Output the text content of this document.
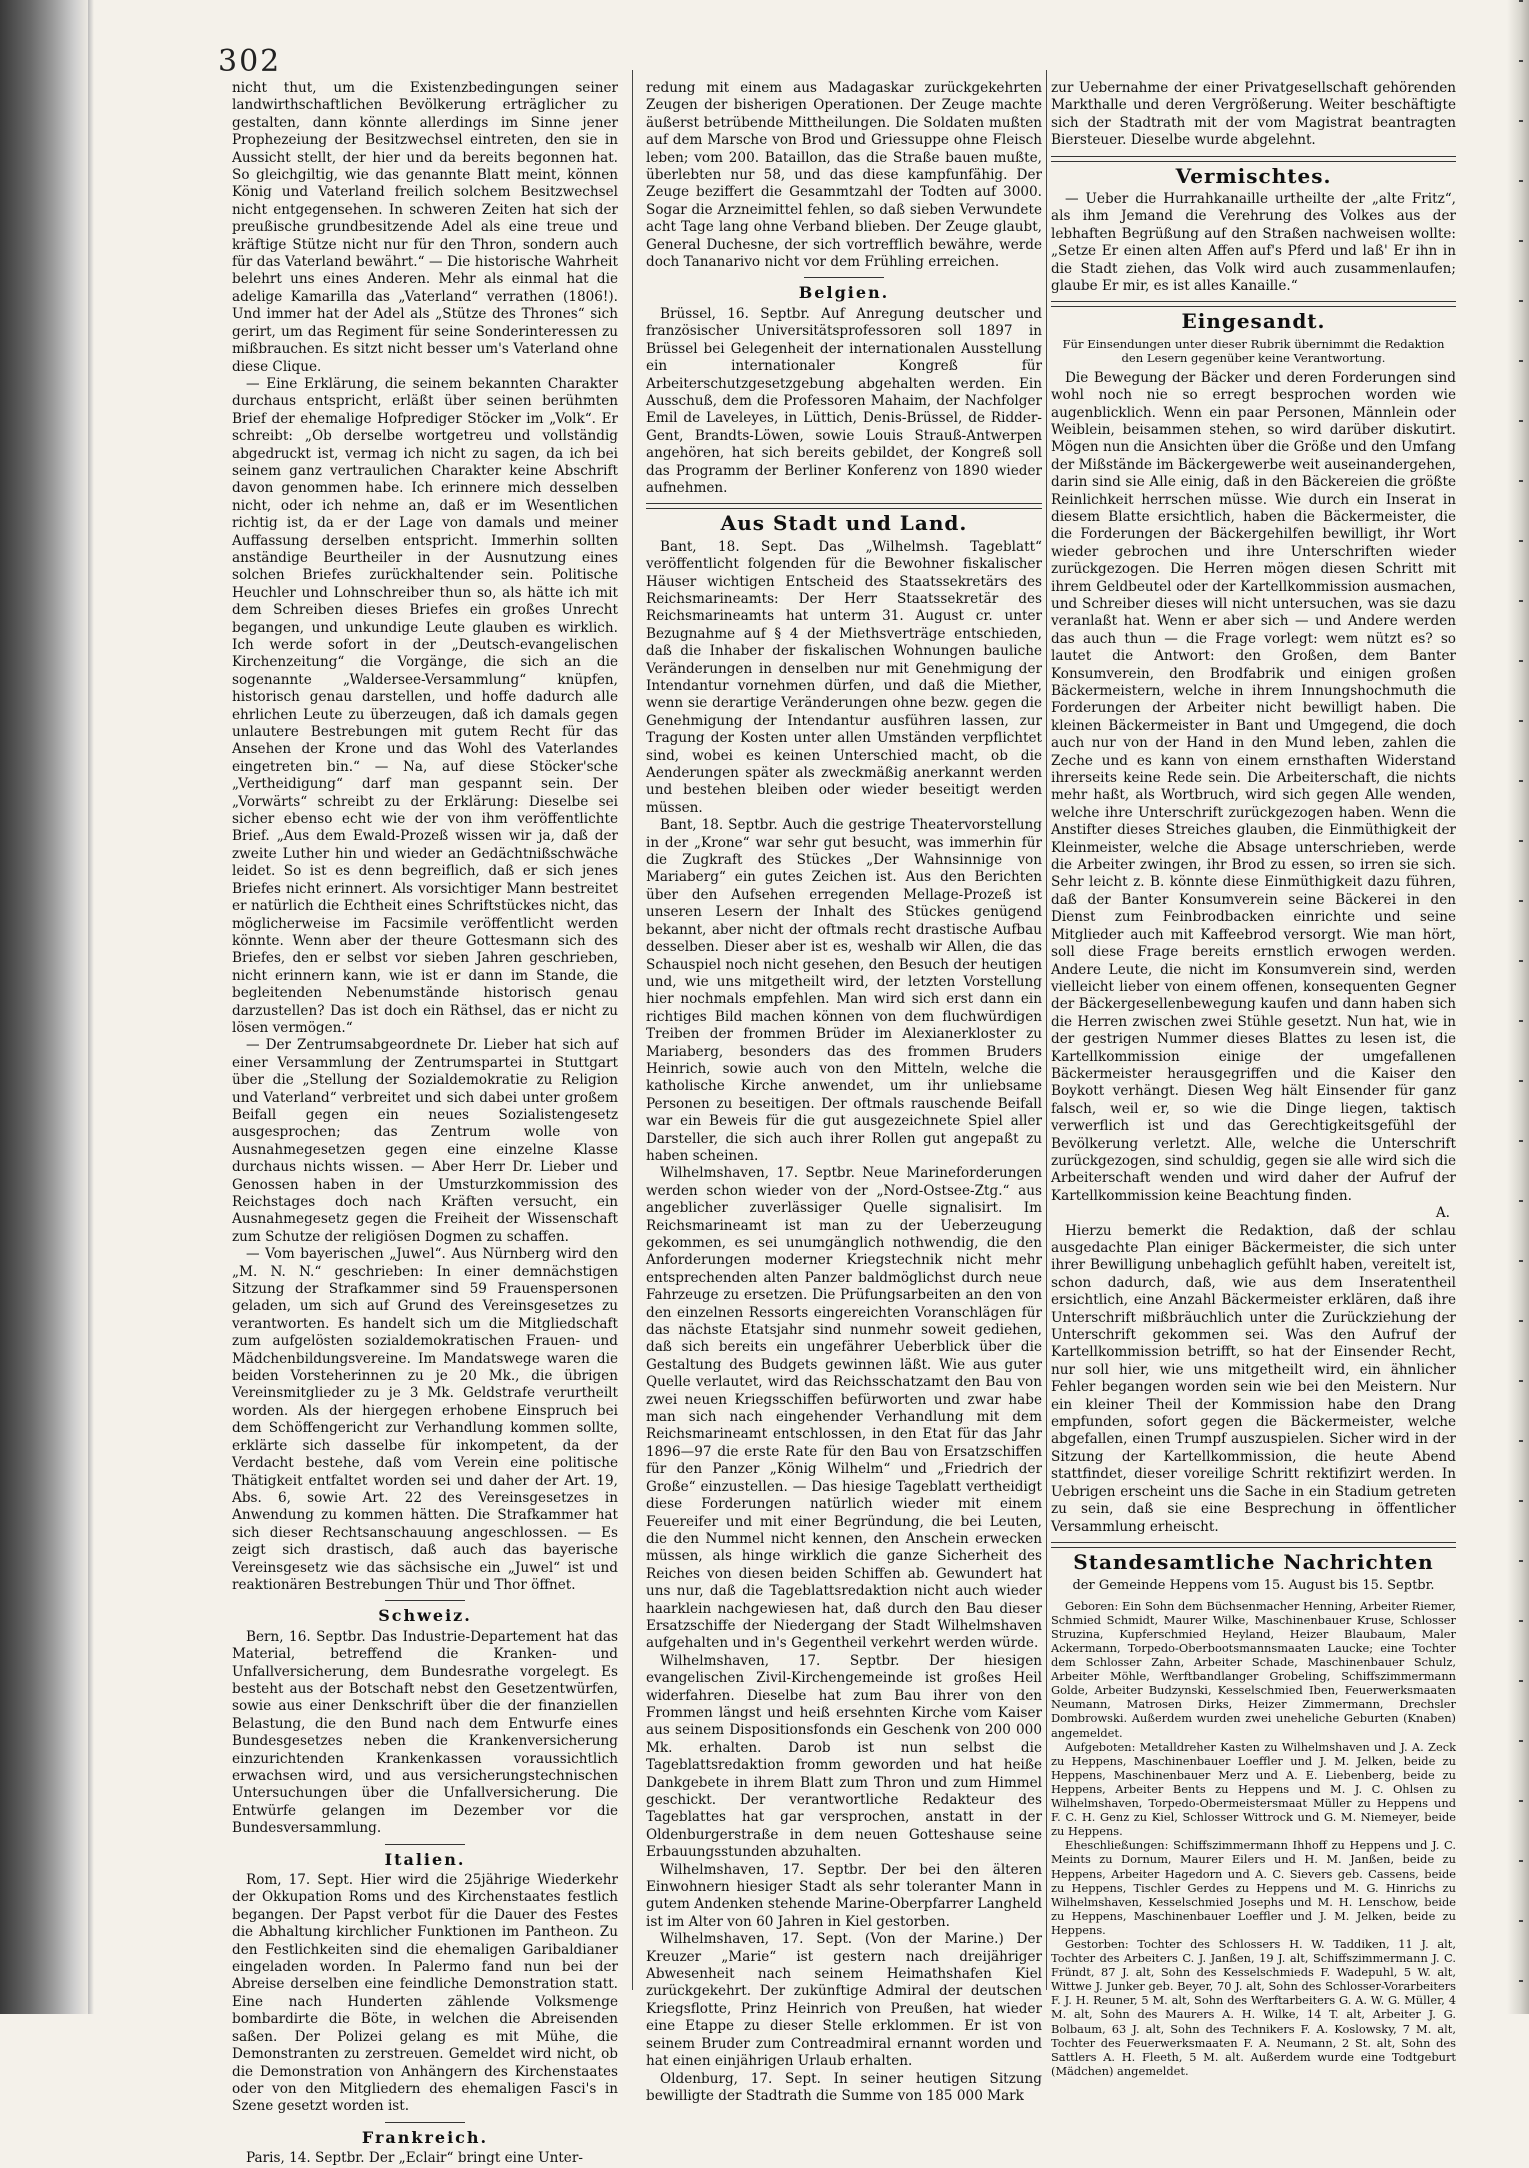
302

nicht thut, um die Existenzbedingungen seiner landwirthschaftlichen Bevölkerung erträglicher zu gestalten, dann könnte allerdings im Sinne jener Prophezeiung der Besitzwechsel eintreten, den sie in Aussicht stellt, der hier und da bereits begonnen hat. So gleichgiltig, wie das genannte Blatt meint, können König und Vaterland freilich solchem Besitzwechsel nicht entgegensehen. In schweren Zeiten hat sich der preußische grundbesitzende Adel als eine treue und kräftige Stütze nicht nur für den Thron, sondern auch für das Vaterland bewährt.“ — Die historische Wahrheit belehrt uns eines Anderen. Mehr als einmal hat die adelige Kamarilla das „Vaterland“ verrathen (1806!). Und immer hat der Adel als „Stütze des Thrones“ sich gerirt, um das Regiment für seine Sonderinteressen zu mißbrauchen. Es sitzt nicht besser um's Vaterland ohne diese Clique.

— Eine Erklärung, die seinem bekannten Charakter durchaus entspricht, erläßt über seinen berühmten Brief der ehemalige Hofprediger Stöcker im „Volk“. Er schreibt: „Ob derselbe wortgetreu und vollständig abgedruckt ist, vermag ich nicht zu sagen, da ich bei seinem ganz vertraulichen Charakter keine Abschrift davon genommen habe. Ich erinnere mich desselben nicht, oder ich nehme an, daß er im Wesentlichen richtig ist, da er der Lage von damals und meiner Auffassung derselben entspricht. Immerhin sollten anständige Beurtheiler in der Ausnutzung eines solchen Briefes zurückhaltender sein. Politische Heuchler und Lohnschreiber thun so, als hätte ich mit dem Schreiben dieses Briefes ein großes Unrecht begangen, und unkundige Leute glauben es wirklich. Ich werde sofort in der „Deutsch-evangelischen Kirchenzeitung“ die Vorgänge, die sich an die sogenannte „Waldersee-Versammlung“ knüpfen, historisch genau darstellen, und hoffe dadurch alle ehrlichen Leute zu überzeugen, daß ich damals gegen unlautere Bestrebungen mit gutem Recht für das Ansehen der Krone und das Wohl des Vaterlandes eingetreten bin.“ — Na, auf diese Stöcker'sche „Vertheidigung“ darf man gespannt sein. Der „Vorwärts“ schreibt zu der Erklärung: Dieselbe sei sicher ebenso echt wie der von ihm veröffentlichte Brief. „Aus dem Ewald-Prozeß wissen wir ja, daß der zweite Luther hin und wieder an Gedächtnißschwäche leidet. So ist es denn begreiflich, daß er sich jenes Briefes nicht erinnert. Als vorsichtiger Mann bestreitet er natürlich die Echtheit eines Schriftstückes nicht, das möglicherweise im Facsimile veröffentlicht werden könnte. Wenn aber der theure Gottesmann sich des Briefes, den er selbst vor sieben Jahren geschrieben, nicht erinnern kann, wie ist er dann im Stande, die begleitenden Nebenumstände historisch genau darzustellen? Das ist doch ein Räthsel, das er nicht zu lösen vermögen.“

— Der Zentrumsabgeordnete Dr. Lieber hat sich auf einer Versammlung der Zentrumspartei in Stuttgart über die „Stellung der Sozialdemokratie zu Religion und Vaterland“ verbreitet und sich dabei unter großem Beifall gegen ein neues Sozialistengesetz ausgesprochen; das Zentrum wolle von Ausnahmegesetzen gegen eine einzelne Klasse durchaus nichts wissen. — Aber Herr Dr. Lieber und Genossen haben in der Umsturzkommission des Reichstages doch nach Kräften versucht, ein Ausnahmegesetz gegen die Freiheit der Wissenschaft zum Schutze der religiösen Dogmen zu schaffen.

— Vom bayerischen „Juwel“. Aus Nürnberg wird den „M. N. N.“ geschrieben: In einer demnächstigen Sitzung der Strafkammer sind 59 Frauenspersonen geladen, um sich auf Grund des Vereinsgesetzes zu verantworten. Es handelt sich um die Mitgliedschaft zum aufgelösten sozialdemokratischen Frauen- und Mädchenbildungsvereine. Im Mandatswege waren die beiden Vorsteherinnen zu je 20 Mk., die übrigen Vereinsmitglieder zu je 3 Mk. Geldstrafe verurtheilt worden. Als der hiergegen erhobene Einspruch bei dem Schöffengericht zur Verhandlung kommen sollte, erklärte sich dasselbe für inkompetent, da der Verdacht bestehe, daß vom Verein eine politische Thätigkeit entfaltet worden sei und daher der Art. 19, Abs. 6, sowie Art. 22 des Vereinsgesetzes in Anwendung zu kommen hätten. Die Strafkammer hat sich dieser Rechtsanschauung angeschlossen. — Es zeigt sich drastisch, daß auch das bayerische Vereinsgesetz wie das sächsische ein „Juwel“ ist und reaktionären Bestrebungen Thür und Thor öffnet.

Schweiz.

Bern, 16. Septbr. Das Industrie-Departement hat das Material, betreffend die Kranken- und Unfallversicherung, dem Bundesrathe vorgelegt. Es besteht aus der Botschaft nebst den Gesetzentwürfen, sowie aus einer Denkschrift über die der finanziellen Belastung, die den Bund nach dem Entwurfe eines Bundesgesetzes neben die Krankenversicherung einzurichtenden Krankenkassen voraussichtlich erwachsen wird, und aus versicherungstechnischen Untersuchungen über die Unfallversicherung. Die Entwürfe gelangen im Dezember vor die Bundesversammlung.

Italien.

Rom, 17. Sept. Hier wird die 25jährige Wiederkehr der Okkupation Roms und des Kirchenstaates festlich begangen. Der Papst verbot für die Dauer des Festes die Abhaltung kirchlicher Funktionen im Pantheon. Zu den Festlichkeiten sind die ehemaligen Garibaldianer eingeladen worden. In Palermo fand nun bei der Abreise derselben eine feindliche Demonstration statt. Eine nach Hunderten zählende Volksmenge bombardirte die Böte, in welchen die Abreisenden saßen. Der Polizei gelang es mit Mühe, die Demonstranten zu zerstreuen. Gemeldet wird nicht, ob die Demonstration von Anhängern des Kirchenstaates oder von den Mitgliedern des ehemaligen Fasci's in Szene gesetzt worden ist.

Frankreich.

Paris, 14. Septbr. Der „Eclair“ bringt eine Unter-

redung mit einem aus Madagaskar zurückgekehrten Zeugen der bisherigen Operationen. Der Zeuge machte äußerst betrübende Mittheilungen. Die Soldaten mußten auf dem Marsche von Brod und Griessuppe ohne Fleisch leben; vom 200. Bataillon, das die Straße bauen mußte, überlebten nur 58, und das diese kampfunfähig. Der Zeuge beziffert die Gesammtzahl der Todten auf 3000. Sogar die Arzneimittel fehlen, so daß sieben Verwundete acht Tage lang ohne Verband blieben. Der Zeuge glaubt, General Duchesne, der sich vortrefflich bewähre, werde doch Tananarivo nicht vor dem Frühling erreichen.

Belgien.

Brüssel, 16. Septbr. Auf Anregung deutscher und französischer Universitätsprofessoren soll 1897 in Brüssel bei Gelegenheit der internationalen Ausstellung ein internationaler Kongreß für Arbeiterschutzgesetzgebung abgehalten werden. Ein Ausschuß, dem die Professoren Mahaim, der Nachfolger Emil de Laveleyes, in Lüttich, Denis-Brüssel, de Ridder-Gent, Brandts-Löwen, sowie Louis Strauß-Antwerpen angehören, hat sich bereits gebildet, der Kongreß soll das Programm der Berliner Konferenz von 1890 wieder aufnehmen.

Aus Stadt und Land.

Bant, 18. Sept. Das „Wilhelmsh. Tageblatt“ veröffentlicht folgenden für die Bewohner fiskalischer Häuser wichtigen Entscheid des Staatssekretärs des Reichsmarineamts: Der Herr Staatssekretär des Reichsmarineamts hat unterm 31. August cr. unter Bezugnahme auf § 4 der Miethsverträge entschieden, daß die Inhaber der fiskalischen Wohnungen bauliche Veränderungen in denselben nur mit Genehmigung der Intendantur vornehmen dürfen, und daß die Miether, wenn sie derartige Veränderungen ohne bezw. gegen die Genehmigung der Intendantur ausführen lassen, zur Tragung der Kosten unter allen Umständen verpflichtet sind, wobei es keinen Unterschied macht, ob die Aenderungen später als zweckmäßig anerkannt werden und bestehen bleiben oder wieder beseitigt werden müssen.

Bant, 18. Septbr. Auch die gestrige Theatervorstellung in der „Krone“ war sehr gut besucht, was immerhin für die Zugkraft des Stückes „Der Wahnsinnige von Mariaberg“ ein gutes Zeichen ist. Aus den Berichten über den Aufsehen erregenden Mellage-Prozeß ist unseren Lesern der Inhalt des Stückes genügend bekannt, aber nicht der oftmals recht drastische Aufbau desselben. Dieser aber ist es, weshalb wir Allen, die das Schauspiel noch nicht gesehen, den Besuch der heutigen und, wie uns mitgetheilt wird, der letzten Vorstellung hier nochmals empfehlen. Man wird sich erst dann ein richtiges Bild machen können von dem fluchwürdigen Treiben der frommen Brüder im Alexianerkloster zu Mariaberg, besonders das des frommen Bruders Heinrich, sowie auch von den Mitteln, welche die katholische Kirche anwendet, um ihr unliebsame Personen zu beseitigen. Der oftmals rauschende Beifall war ein Beweis für die gut ausgezeichnete Spiel aller Darsteller, die sich auch ihrer Rollen gut angepaßt zu haben scheinen.

Wilhelmshaven, 17. Septbr. Neue Marineforderungen werden schon wieder von der „Nord-Ostsee-Ztg.“ aus angeblicher zuverlässiger Quelle signalisirt. Im Reichsmarineamt ist man zu der Ueberzeugung gekommen, es sei unumgänglich nothwendig, die den Anforderungen moderner Kriegstechnik nicht mehr entsprechenden alten Panzer baldmöglichst durch neue Fahrzeuge zu ersetzen. Die Prüfungsarbeiten an den von den einzelnen Ressorts eingereichten Voranschlägen für das nächste Etatsjahr sind nunmehr soweit gediehen, daß sich bereits ein ungefährer Ueberblick über die Gestaltung des Budgets gewinnen läßt. Wie aus guter Quelle verlautet, wird das Reichsschatzamt den Bau von zwei neuen Kriegsschiffen befürworten und zwar habe man sich nach eingehender Verhandlung mit dem Reichsmarineamt entschlossen, in den Etat für das Jahr 1896—97 die erste Rate für den Bau von Ersatzschiffen für den Panzer „König Wilhelm“ und „Friedrich der Große“ einzustellen. — Das hiesige Tageblatt vertheidigt diese Forderungen natürlich wieder mit einem Feuereifer und mit einer Begründung, die bei Leuten, die den Nummel nicht kennen, den Anschein erwecken müssen, als hinge wirklich die ganze Sicherheit des Reiches von diesen beiden Schiffen ab. Gewundert hat uns nur, daß die Tageblattsredaktion nicht auch wieder haarklein nachgewiesen hat, daß durch den Bau dieser Ersatzschiffe der Niedergang der Stadt Wilhelmshaven aufgehalten und in's Gegentheil verkehrt werden würde.

Wilhelmshaven, 17. Septbr. Der hiesigen evangelischen Zivil-Kirchengemeinde ist großes Heil widerfahren. Dieselbe hat zum Bau ihrer von den Frommen längst und heiß ersehnten Kirche vom Kaiser aus seinem Dispositionsfonds ein Geschenk von 200 000 Mk. erhalten. Darob ist nun selbst die Tageblattsredaktion fromm geworden und hat heiße Dankgebete in ihrem Blatt zum Thron und zum Himmel geschickt. Der verantwortliche Redakteur des Tageblattes hat gar versprochen, anstatt in der Oldenburgerstraße in dem neuen Gotteshause seine Erbauungsstunden abzuhalten.

Wilhelmshaven, 17. Septbr. Der bei den älteren Einwohnern hiesiger Stadt als sehr toleranter Mann in gutem Andenken stehende Marine-Oberpfarrer Langheld ist im Alter von 60 Jahren in Kiel gestorben.

Wilhelmshaven, 17. Sept. (Von der Marine.) Der Kreuzer „Marie“ ist gestern nach dreijähriger Abwesenheit nach seinem Heimathshafen Kiel zurückgekehrt. Der zukünftige Admiral der deutschen Kriegsflotte, Prinz Heinrich von Preußen, hat wieder eine Etappe zu dieser Stelle erklommen. Er ist von seinem Bruder zum Contreadmiral ernannt worden und hat einen einjährigen Urlaub erhalten.

Oldenburg, 17. Sept. In seiner heutigen Sitzung bewilligte der Stadtrath die Summe von 185 000 Mark

zur Uebernahme der einer Privatgesellschaft gehörenden Markthalle und deren Vergrößerung. Weiter beschäftigte sich der Stadtrath mit der vom Magistrat beantragten Biersteuer. Dieselbe wurde abgelehnt.

Vermischtes.

— Ueber die Hurrahkanaille urtheilte der „alte Fritz“, als ihm Jemand die Verehrung des Volkes aus der lebhaften Begrüßung auf den Straßen nachweisen wollte: „Setze Er einen alten Affen auf's Pferd und laß' Er ihn in die Stadt ziehen, das Volk wird auch zusammenlaufen; glaube Er mir, es ist alles Kanaille.“

Eingesandt.
Für Einsendungen unter dieser Rubrik übernimmt die Redaktion den Lesern gegenüber keine Verantwortung.

Die Bewegung der Bäcker und deren Forderungen sind wohl noch nie so erregt besprochen worden wie augenblicklich. Wenn ein paar Personen, Männlein oder Weiblein, beisammen stehen, so wird darüber diskutirt. Mögen nun die Ansichten über die Größe und den Umfang der Mißstände im Bäckergewerbe weit auseinandergehen, darin sind sie Alle einig, daß in den Bäckereien die größte Reinlichkeit herrschen müsse. Wie durch ein Inserat in diesem Blatte ersichtlich, haben die Bäckermeister, die die Forderungen der Bäckergehilfen bewilligt, ihr Wort wieder gebrochen und ihre Unterschriften wieder zurückgezogen. Die Herren mögen diesen Schritt mit ihrem Geldbeutel oder der Kartellkommission ausmachen, und Schreiber dieses will nicht untersuchen, was sie dazu veranlaßt hat. Wenn er aber sich — und Andere werden das auch thun — die Frage vorlegt: wem nützt es? so lautet die Antwort: den Großen, dem Banter Konsumverein, den Brodfabrik und einigen großen Bäckermeistern, welche in ihrem Innungshochmuth die Forderungen der Arbeiter nicht bewilligt haben. Die kleinen Bäckermeister in Bant und Umgegend, die doch auch nur von der Hand in den Mund leben, zahlen die Zeche und es kann von einem ernsthaften Widerstand ihrerseits keine Rede sein. Die Arbeiterschaft, die nichts mehr haßt, als Wortbruch, wird sich gegen Alle wenden, welche ihre Unterschrift zurückgezogen haben. Wenn die Anstifter dieses Streiches glauben, die Einmüthigkeit der Kleinmeister, welche die Absage unterschrieben, werde die Arbeiter zwingen, ihr Brod zu essen, so irren sie sich. Sehr leicht z. B. könnte diese Einmüthigkeit dazu führen, daß der Banter Konsumverein seine Bäckerei in den Dienst zum Feinbrodbacken einrichte und seine Mitglieder auch mit Kaffeebrod versorgt. Wie man hört, soll diese Frage bereits ernstlich erwogen werden. Andere Leute, die nicht im Konsumverein sind, werden vielleicht lieber von einem offenen, konsequenten Gegner der Bäckergesellenbewegung kaufen und dann haben sich die Herren zwischen zwei Stühle gesetzt. Nun hat, wie in der gestrigen Nummer dieses Blattes zu lesen ist, die Kartellkommission einige der umgefallenen Bäckermeister herausgegriffen und die Kaiser den Boykott verhängt. Diesen Weg hält Einsender für ganz falsch, weil er, so wie die Dinge liegen, taktisch verwerflich ist und das Gerechtigkeitsgefühl der Bevölkerung verletzt. Alle, welche die Unterschrift zurückgezogen, sind schuldig, gegen sie alle wird sich die Arbeiterschaft wenden und wird daher der Aufruf der Kartellkommission keine Beachtung finden.

A.

Hierzu bemerkt die Redaktion, daß der schlau ausgedachte Plan einiger Bäckermeister, die sich unter ihrer Bewilligung unbehaglich gefühlt haben, vereitelt ist, schon dadurch, daß, wie aus dem Inseratentheil ersichtlich, eine Anzahl Bäckermeister erklären, daß ihre Unterschrift mißbräuchlich unter die Zurückziehung der Unterschrift gekommen sei. Was den Aufruf der Kartellkommission betrifft, so hat der Einsender Recht, nur soll hier, wie uns mitgetheilt wird, ein ähnlicher Fehler begangen worden sein wie bei den Meistern. Nur ein kleiner Theil der Kommission habe den Drang empfunden, sofort gegen die Bäckermeister, welche abgefallen, einen Trumpf auszuspielen. Sicher wird in der Sitzung der Kartellkommission, die heute Abend stattfindet, dieser voreilige Schritt rektifizirt werden. In Uebrigen erscheint uns die Sache in ein Stadium getreten zu sein, daß sie eine Besprechung in öffentlicher Versammlung erheischt.

Standesamtliche Nachrichten
der Gemeinde Heppens vom 15. August bis 15. Septbr.

Geboren: Ein Sohn dem Büchsenmacher Henning, Arbeiter Riemer, Schmied Schmidt, Maurer Wilke, Maschinenbauer Kruse, Schlosser Struzina, Kupferschmied Heyland, Heizer Blaubaum, Maler Ackermann, Torpedo-Oberbootsmannsmaaten Laucke; eine Tochter dem Schlosser Zahn, Arbeiter Schade, Maschinenbauer Schulz, Arbeiter Möhle, Werftbandlanger Grobeling, Schiffszimmermann Golde, Arbeiter Budzynski, Kesselschmied Iben, Feuerwerksmaaten Neumann, Matrosen Dirks, Heizer Zimmermann, Drechsler Dombrowski. Außerdem wurden zwei uneheliche Geburten (Knaben) angemeldet.

Aufgeboten: Metalldreher Kasten zu Wilhelmshaven und J. A. Zeck zu Heppens, Maschinenbauer Loeffler und J. M. Jelken, beide zu Heppens, Maschinenbauer Merz und A. E. Liebenberg, beide zu Heppens, Arbeiter Bents zu Heppens und M. J. C. Ohlsen zu Wilhelmshaven, Torpedo-Obermeistersmaat Müller zu Heppens und F. C. H. Genz zu Kiel, Schlosser Wittrock und G. M. Niemeyer, beide zu Heppens.

Eheschließungen: Schiffszimmermann Ihhoff zu Heppens und J. C. Meints zu Dornum, Maurer Eilers und H. M. Janßen, beide zu Heppens, Arbeiter Hagedorn und A. C. Sievers geb. Cassens, beide zu Heppens, Tischler Gerdes zu Heppens und M. G. Hinrichs zu Wilhelmshaven, Kesselschmied Josephs und M. H. Lenschow, beide zu Heppens, Maschinenbauer Loeffler und J. M. Jelken, beide zu Heppens.

Gestorben: Tochter des Schlossers H. W. Taddiken, 11 J. alt, Tochter des Arbeiters C. J. Janßen, 19 J. alt, Schiffszimmermann J. C. Fründt, 87 J. alt, Sohn des Kesselschmieds F. Wadepuhl, 5 W. alt, Wittwe J. Junker geb. Beyer, 70 J. alt, Sohn des Schlosser-Vorarbeiters F. J. H. Reuner, 5 M. alt, Sohn des Werftarbeiters G. A. W. G. Müller, 4 M. alt, Sohn des Maurers A. H. Wilke, 14 T. alt, Arbeiter J. G. Bolbaum, 63 J. alt, Sohn des Technikers F. A. Koslowsky, 7 M. alt, Tochter des Feuerwerksmaaten F. A. Neumann, 2 St. alt, Sohn des Sattlers A. H. Fleeth, 5 M. alt. Außerdem wurde eine Todtgeburt (Mädchen) angemeldet.
